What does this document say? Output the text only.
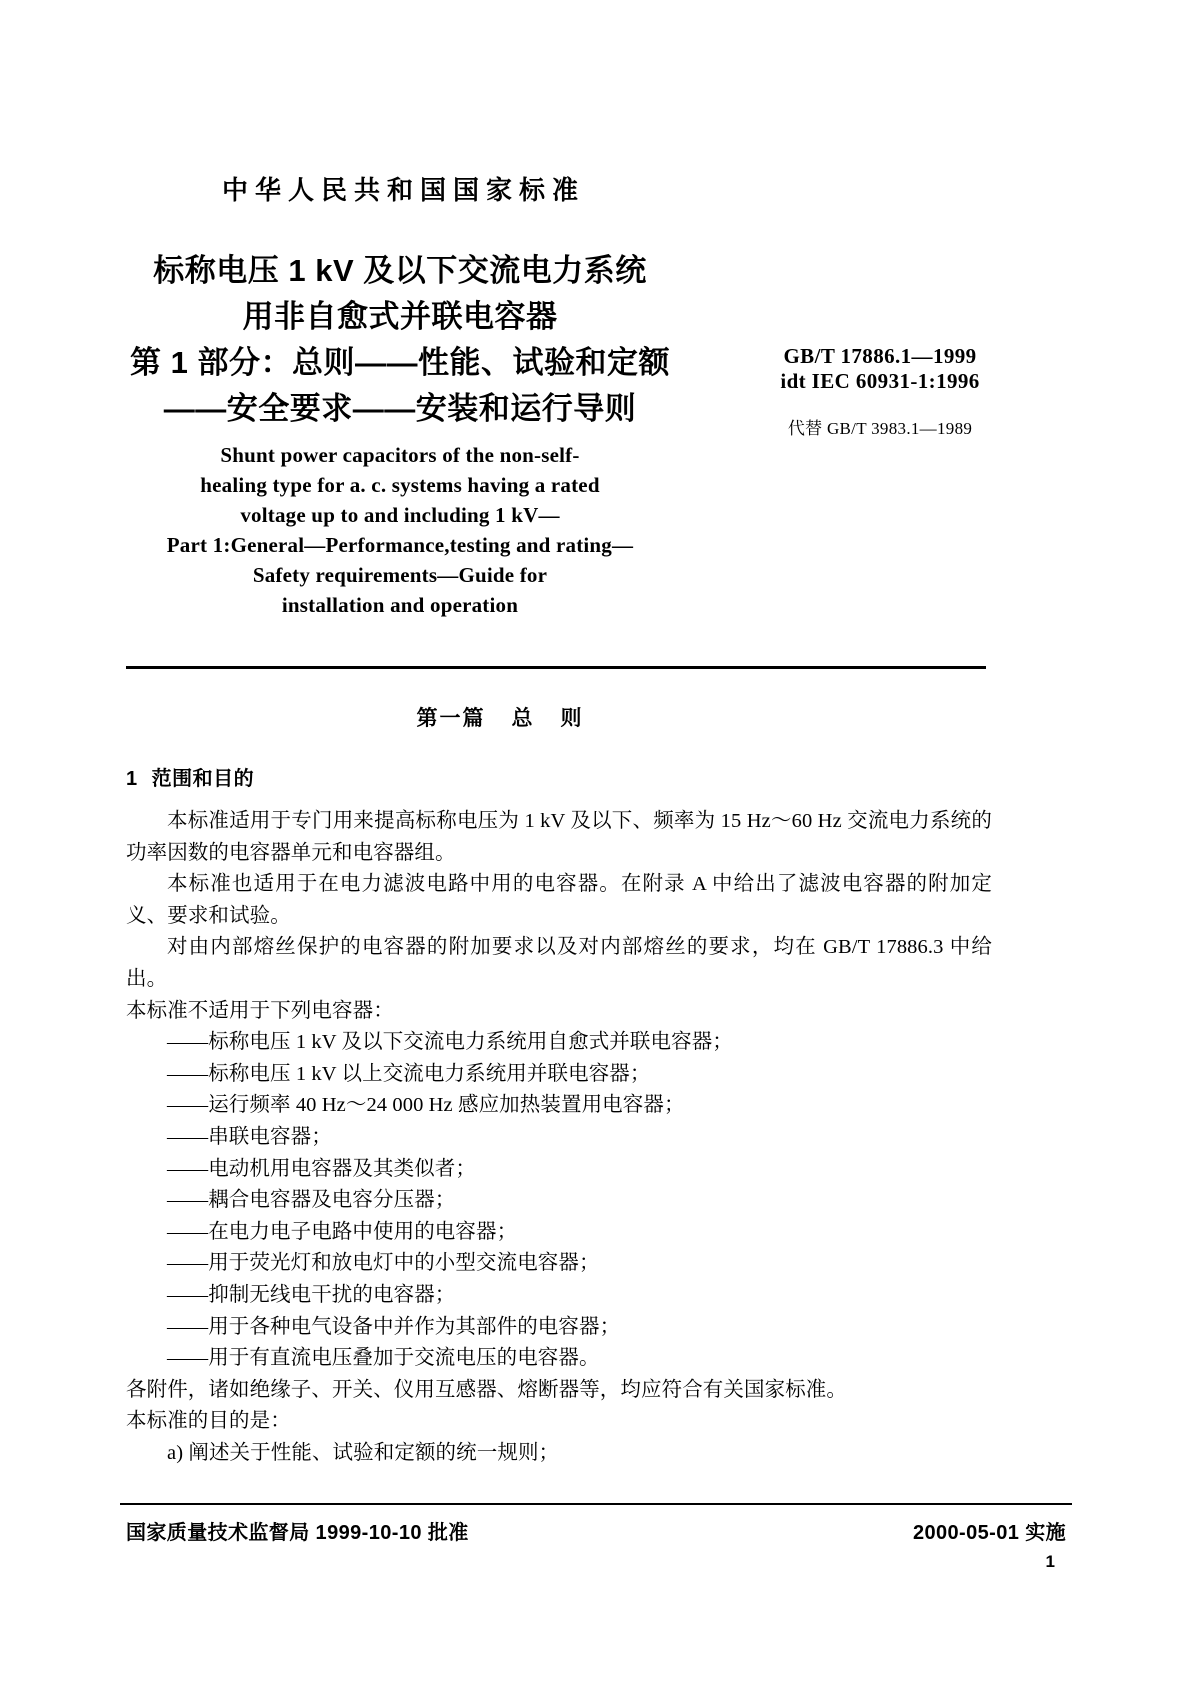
中华人民共和国国家标准
标称电压 1 kV 及以下交流电力系统
用非自愈式并联电容器
第 1 部分：总则——性能、试验和定额
——安全要求——安装和运行导则
GB/T 17886.1—1999
idt IEC 60931-1:1996
代替 GB/T 3983.1—1989
Shunt power capacitors of the non-self-
healing type for a. c. systems having a rated
voltage up to and including 1 kV—
Part 1:General—Performance,testing and rating—
Safety requirements—Guide for
installation and operation
第一篇 总 则
1 范围和目的

本标准适用于专门用来提高标称电压为 1 kV 及以下、频率为 15 Hz～60 Hz 交流电力系统的功率因数的电容器单元和电容器组。

本标准也适用于在电力滤波电路中用的电容器。在附录 A 中给出了滤波电容器的附加定义、要求和试验。

对由内部熔丝保护的电容器的附加要求以及对内部熔丝的要求，均在 GB/T 17886.3 中给出。

本标准不适用于下列电容器：

——标称电压 1 kV 及以下交流电力系统用自愈式并联电容器；

——标称电压 1 kV 以上交流电力系统用并联电容器；

——运行频率 40 Hz～24 000 Hz 感应加热装置用电容器；

——串联电容器；

——电动机用电容器及其类似者；

——耦合电容器及电容分压器；

——在电力电子电路中使用的电容器；

——用于荧光灯和放电灯中的小型交流电容器；

——抑制无线电干扰的电容器；

——用于各种电气设备中并作为其部件的电容器；

——用于有直流电压叠加于交流电压的电容器。

各附件，诸如绝缘子、开关、仪用互感器、熔断器等，均应符合有关国家标准。

本标准的目的是：

a) 阐述关于性能、试验和定额的统一规则；

国家质量技术监督局 1999-10-10 批准	2000-05-01 实施
1
